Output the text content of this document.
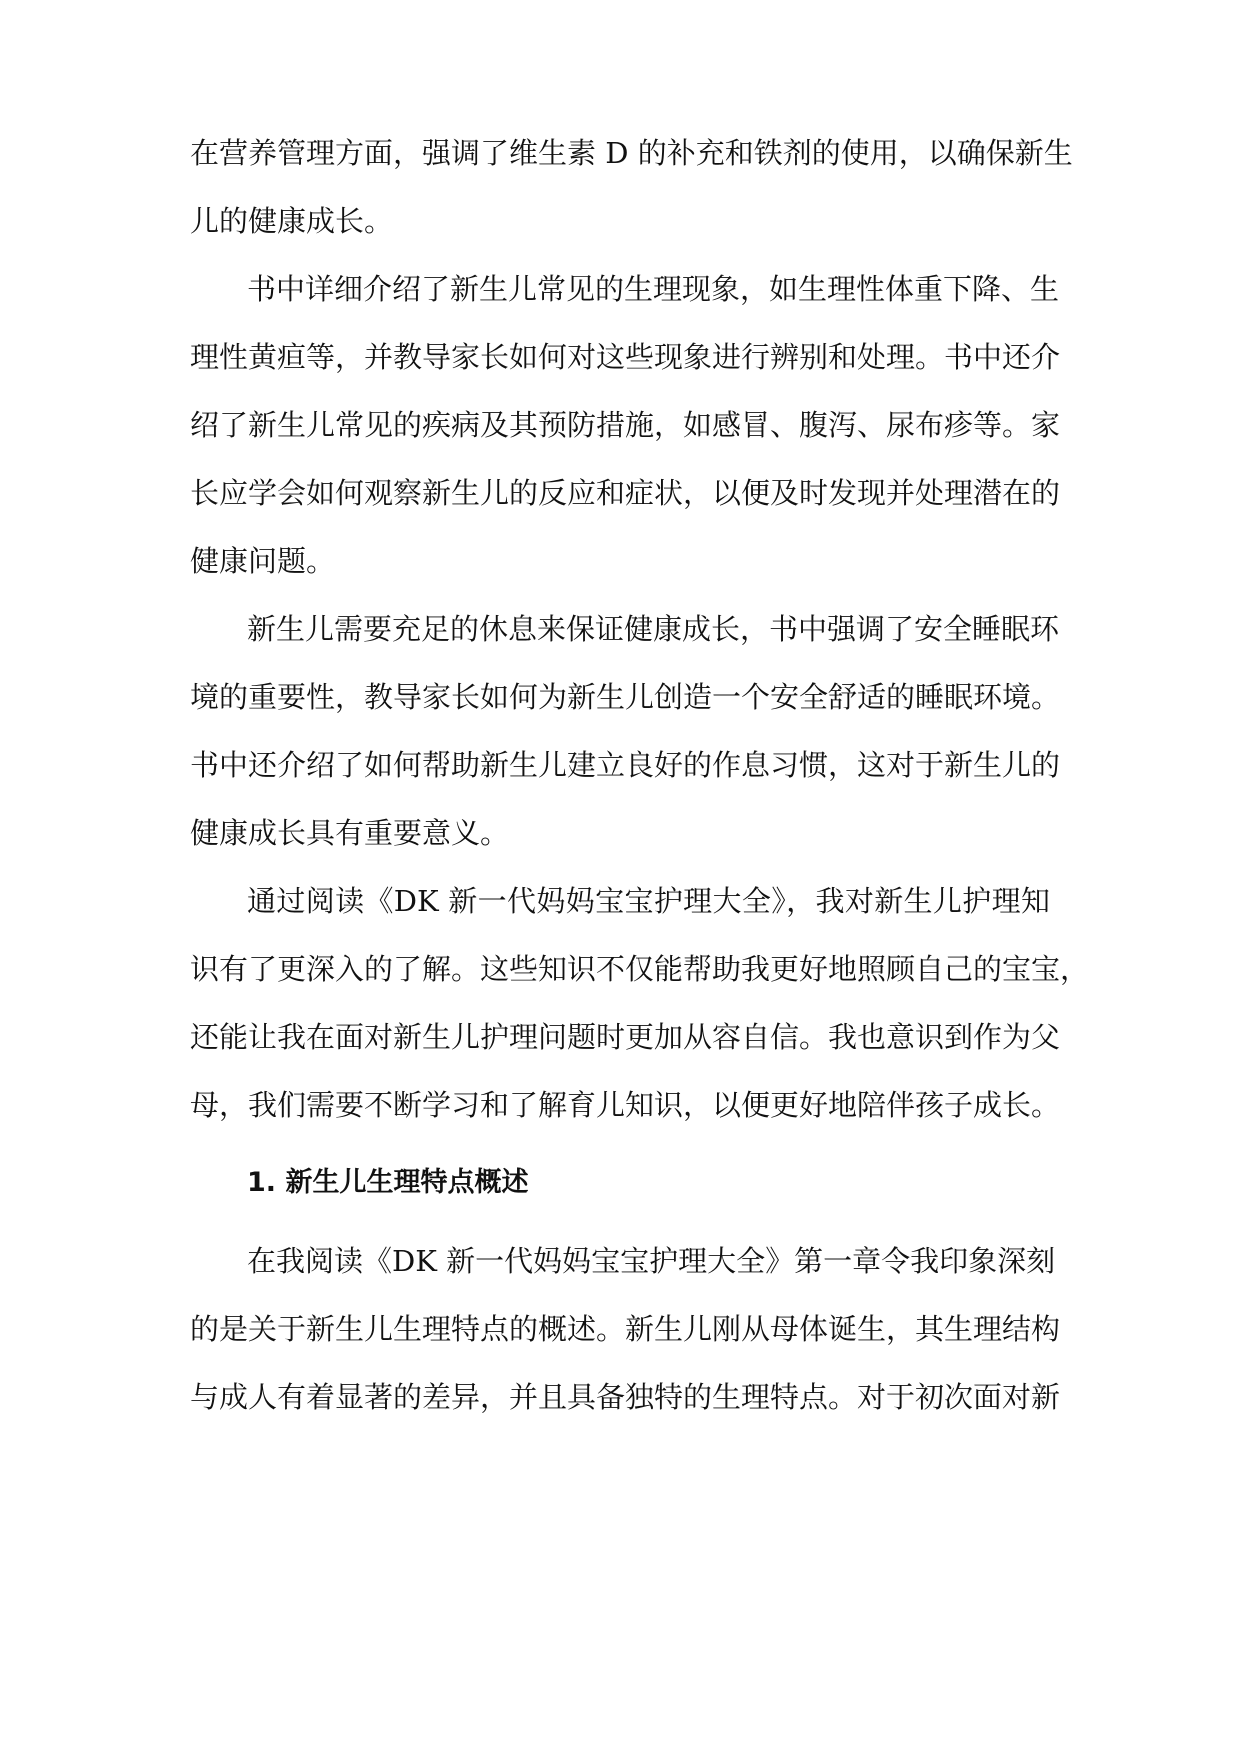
在营养管理方面，强调了维生素 D 的补充和铁剂的使用，以确保新生
儿的健康成长。
书中详细介绍了新生儿常见的生理现象，如生理性体重下降、生
理性黄疸等，并教导家长如何对这些现象进行辨别和处理。书中还介
绍了新生儿常见的疾病及其预防措施，如感冒、腹泻、尿布疹等。家
长应学会如何观察新生儿的反应和症状，以便及时发现并处理潜在的
健康问题。
新生儿需要充足的休息来保证健康成长，书中强调了安全睡眠环
境的重要性，教导家长如何为新生儿创造一个安全舒适的睡眠环境。
书中还介绍了如何帮助新生儿建立良好的作息习惯，这对于新生儿的
健康成长具有重要意义。
通过阅读《DK 新一代妈妈宝宝护理大全》，我对新生儿护理知
识有了更深入的了解。这些知识不仅能帮助我更好地照顾自己的宝宝，
还能让我在面对新生儿护理问题时更加从容自信。我也意识到作为父
母，我们需要不断学习和了解育儿知识，以便更好地陪伴孩子成长。
1. 新生儿生理特点概述
在我阅读《DK 新一代妈妈宝宝护理大全》第一章令我印象深刻
的是关于新生儿生理特点的概述。新生儿刚从母体诞生，其生理结构
与成人有着显著的差异，并且具备独特的生理特点。对于初次面对新
